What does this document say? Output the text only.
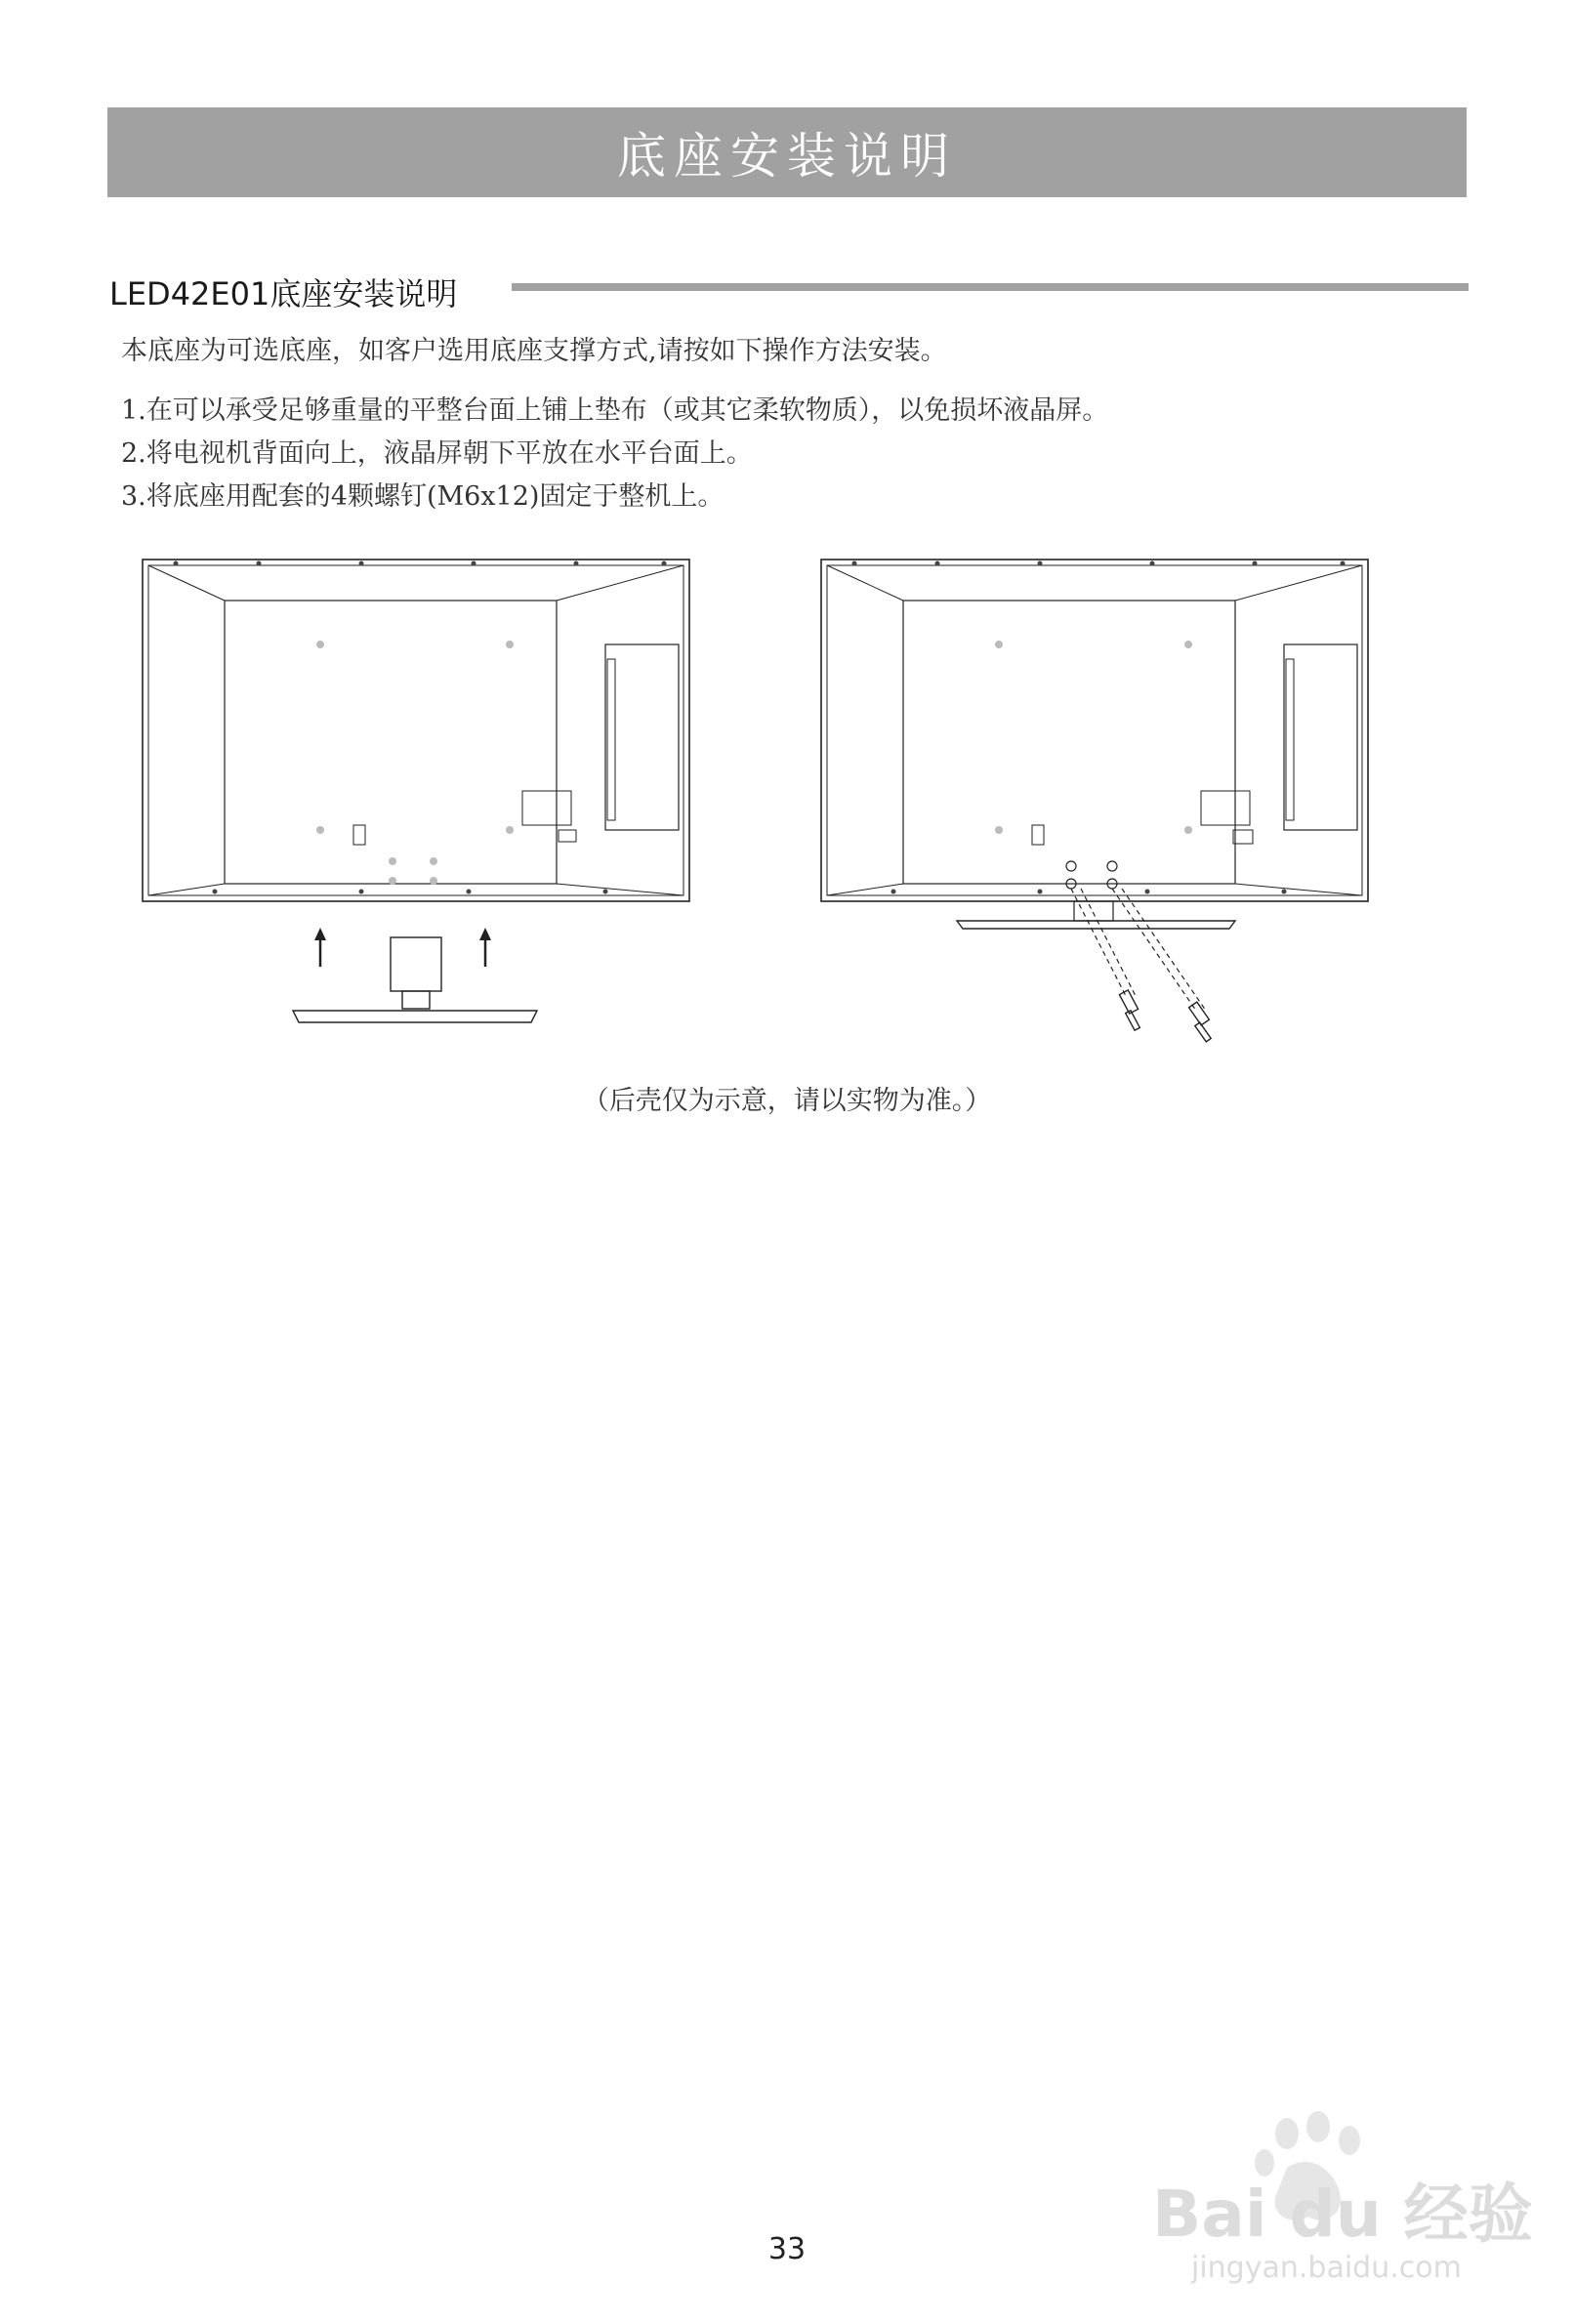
底座安装说明
LED42E01底座安装说明
本底座为可选底座，如客户选用底座支撑方式,请按如下操作方法安装。
1.在可以承受足够重量的平整台面上铺上垫布（或其它柔软物质），以免损坏液晶屏。
2.将电视机背面向上，液晶屏朝下平放在水平台面上。
3.将底座用配套的4颗螺钉(M6x12)固定于整机上。
（后壳仅为示意，请以实物为准。）
Bai du 经验
jingyan.baidu.com
33
